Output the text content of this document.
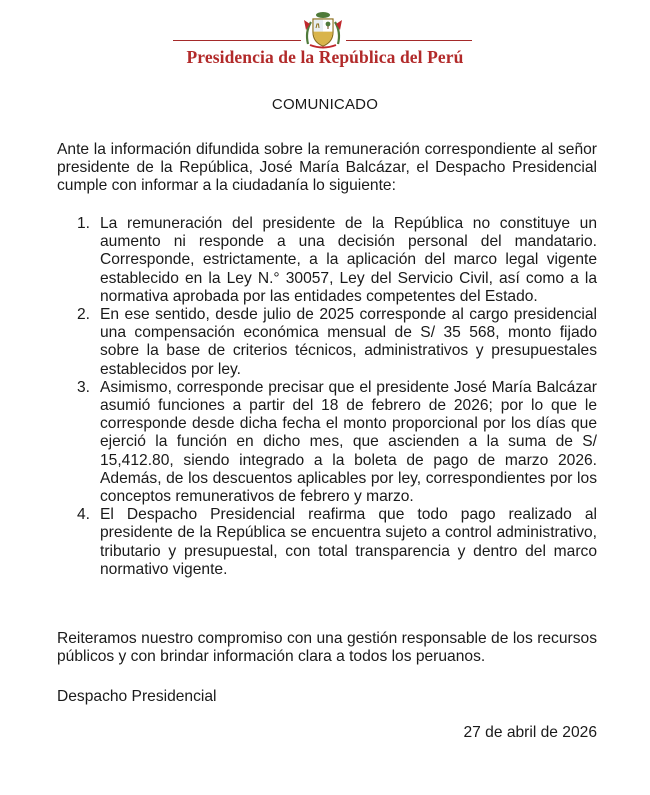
Presidencia de la República del Perú
COMUNICADO

Ante la información difundida sobre la remuneración correspondiente al señor presidente de la República, José María Balcázar, el Despacho Presidencial cumple con informar a la ciudadanía lo siguiente:

1. La remuneración del presidente de la República no constituye un aumento ni responde a una decisión personal del mandatario. Corresponde, estrictamente, a la aplicación del marco legal vigente establecido en la Ley N.° 30057, Ley del Servicio Civil, así como a la normativa aprobada por las entidades competentes del Estado.
2. En ese sentido, desde julio de 2025 corresponde al cargo presidencial una compensación económica mensual de S/ 35 568, monto fijado sobre la base de criterios técnicos, administrativos y presupuestales establecidos por ley.
3. Asimismo, corresponde precisar que el presidente José María Balcázar asumió funciones a partir del 18 de febrero de 2026; por lo que le corresponde desde dicha fecha el monto proporcional por los días que ejerció la función en dicho mes, que ascienden a la suma de S/ 15,412.80, siendo integrado a la boleta de pago de marzo 2026. Además, de los descuentos aplicables por ley, correspondientes por los conceptos remunerativos de febrero y marzo.
4. El Despacho Presidencial reafirma que todo pago realizado al presidente de la República se encuentra sujeto a control administrativo, tributario y presupuestal, con total transparencia y dentro del marco normativo vigente.

Reiteramos nuestro compromiso con una gestión responsable de los recursos públicos y con brindar información clara a todos los peruanos.

Despacho Presidencial
27 de abril de 2026
